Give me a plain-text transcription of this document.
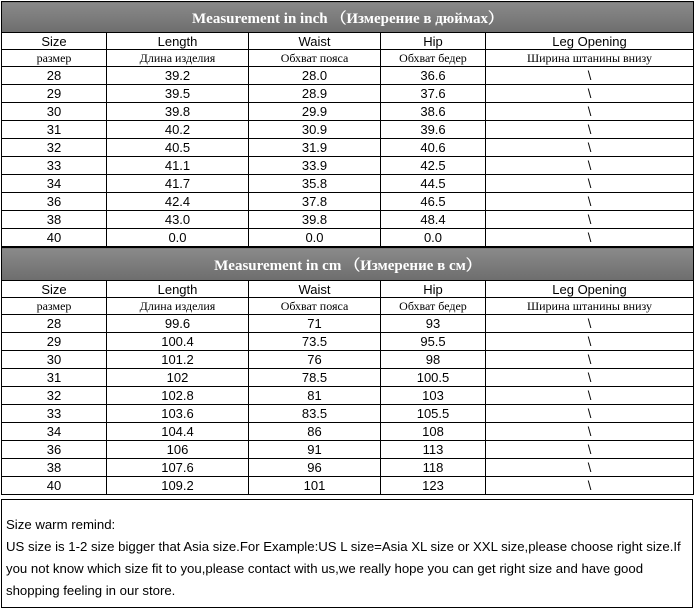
Measurement in inch （Измерение в дюймах）				
Size	Length	Waist	Hip	Leg Opening
размер	Длина изделия	Обхват пояса	Обхват бедер	Ширина штанины внизу
28	39.2	28.0	36.6	\
29	39.5	28.9	37.6	\
30	39.8	29.9	38.6	\
31	40.2	30.9	39.6	\
32	40.5	31.9	40.6	\
33	41.1	33.9	42.5	\
34	41.7	35.8	44.5	\
36	42.4	37.8	46.5	\
38	43.0	39.8	48.4	\
40	0.0	0.0	0.0	\
Measurement in cm （Измерение в см）				
Size	Length	Waist	Hip	Leg Opening
размер	Длина изделия	Обхват пояса	Обхват бедер	Ширина штанины внизу
28	99.6	71	93	\
29	100.4	73.5	95.5	\
30	101.2	76	98	\
31	102	78.5	100.5	\
32	102.8	81	103	\
33	103.6	83.5	105.5	\
34	104.4	86	108	\
36	106	91	113	\
38	107.6	96	118	\
40	109.2	101	123	\
Size warm remind:
US size is 1-2 size bigger that Asia size.For Example:US L size=Asia XL size or XXL size,please choose right size.If
you not know which size fit to you,please contact with us,we really hope you can get right size and have good
shopping feeling in our store.
